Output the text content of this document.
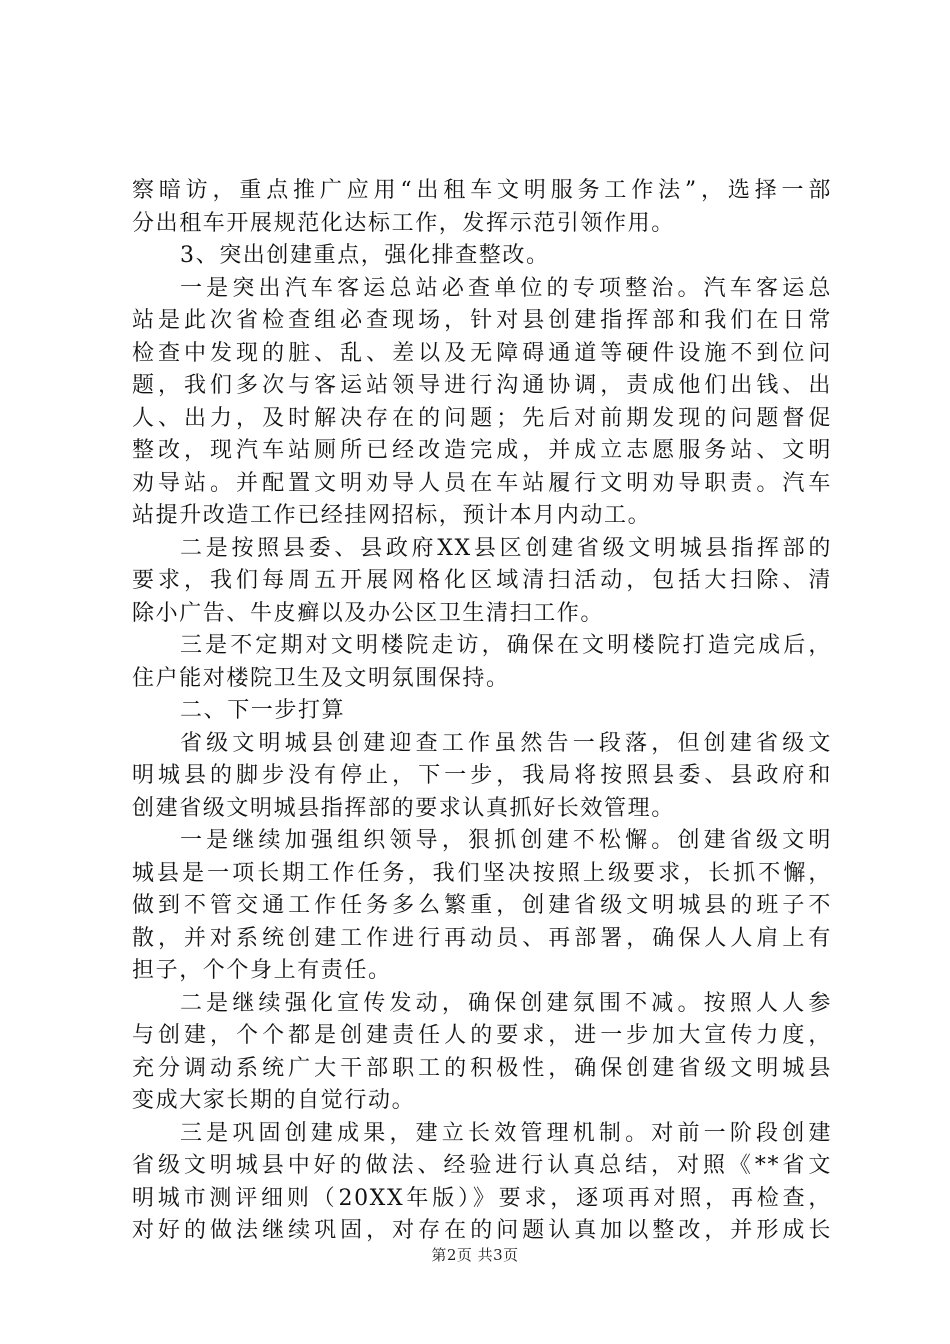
察暗访，重点推广应用“出租车文明服务工作法”，选择一部
分出租车开展规范化达标工作，发挥示范引领作用。
3、突出创建重点，强化排查整改。
一是突出汽车客运总站必查单位的专项整治。汽车客运总
站是此次省检查组必查现场，针对县创建指挥部和我们在日常
检查中发现的脏、乱、差以及无障碍通道等硬件设施不到位问
题，我们多次与客运站领导进行沟通协调，责成他们出钱、出
人、出力，及时解决存在的问题；先后对前期发现的问题督促
整改，现汽车站厕所已经改造完成，并成立志愿服务站、文明
劝导站。并配置文明劝导人员在车站履行文明劝导职责。汽车
站提升改造工作已经挂网招标，预计本月内动工。
二是按照县委、县政府XX县区创建省级文明城县指挥部的
要求，我们每周五开展网格化区域清扫活动，包括大扫除、清
除小广告、牛皮癣以及办公区卫生清扫工作。
三是不定期对文明楼院走访，确保在文明楼院打造完成后，
住户能对楼院卫生及文明氛围保持。
二、下一步打算
省级文明城县创建迎查工作虽然告一段落，但创建省级文
明城县的脚步没有停止，下一步，我局将按照县委、县政府和
创建省级文明城县指挥部的要求认真抓好长效管理。
一是继续加强组织领导，狠抓创建不松懈。创建省级文明
城县是一项长期工作任务，我们坚决按照上级要求，长抓不懈，
做到不管交通工作任务多么繁重，创建省级文明城县的班子不
散，并对系统创建工作进行再动员、再部署，确保人人肩上有
担子，个个身上有责任。
二是继续强化宣传发动，确保创建氛围不减。按照人人参
与创建，个个都是创建责任人的要求，进一步加大宣传力度，
充分调动系统广大干部职工的积极性，确保创建省级文明城县
变成大家长期的自觉行动。
三是巩固创建成果，建立长效管理机制。对前一阶段创建
省级文明城县中好的做法、经验进行认真总结，对照《**省文
明城市测评细则（20XX年版）》要求，逐项再对照，再检查，
对好的做法继续巩固，对存在的问题认真加以整改，并形成长
第2页 共3页
